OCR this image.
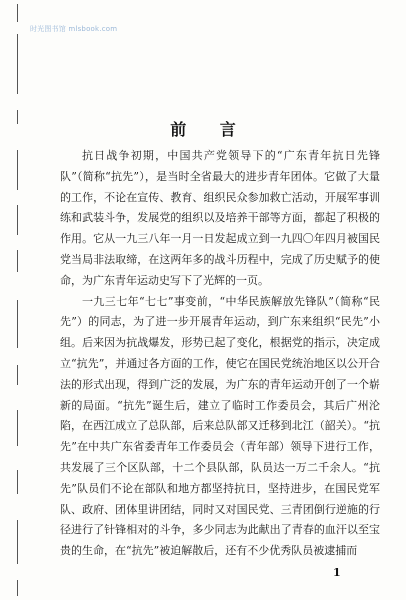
时光图书馆 mlsbook.com
前 言

抗日战争初期，中国共产党领导下的“广东青年抗日先锋队”（简称“抗先”），是当时全省最大的进步青年团体。它做了大量的工作，不论在宣传、教育、组织民众参加救亡活动，开展军事训练和武装斗争，发展党的组织以及培养干部等方面，都起了积极的作用。它从一九三八年一月一日发起成立到一九四〇年四月被国民党当局非法取缔，在这两年多的战斗历程中，完成了历史赋予的使命，为广东青年运动史写下了光辉的一页。

一九三七年“七七”事变前，“中华民族解放先锋队”（简称“民先”）的同志，为了进一步开展青年运动，到广东来组织“民先”小组。后来因为抗战爆发，形势已起了变化，根据党的指示，决定成立“抗先”，并通过各方面的工作，使它在国民党统治地区以公开合法的形式出现，得到广泛的发展，为广东的青年运动开创了一个崭新的局面。“抗先”诞生后，建立了临时工作委员会，其后广州沦陷，在西江成立了总队部，后来总队部又迁移到北江（韶关）。“抗先”在中共广东省委青年工作委员会（青年部）领导下进行工作，共发展了三个区队部，十二个县队部，队员达一万二千余人。“抗先”队员们不论在部队和地方都坚持抗日，坚持进步，在国民党军队、政府、团体里讲团结，同时又对国民党、三青团倒行逆施的行径进行了针锋相对的斗争，多少同志为此献出了青春的血汗以至宝贵的生命，在“抗先”被迫解散后，还有不少优秀队员被逮捕而

1
